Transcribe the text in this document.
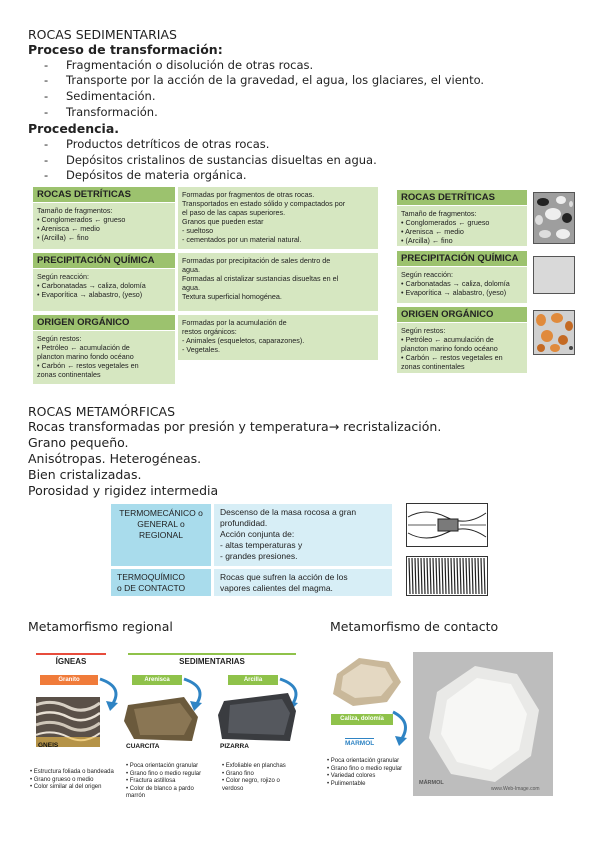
ROCAS SEDIMENTARIAS
Proceso de transformación:
- Fragmentación o disolución de otras rocas.
- Transporte por la acción de la gravedad, el agua, los glaciares, el viento.
- Sedimentación.
- Transformación.
Procedencia.
- Productos detríticos de otras rocas.
- Depósitos cristalinos de sustancias disueltas en agua.
- Depósitos de materia orgánica.
ROCAS DETRÍTICAS
Tamaño de fragmentos:
• Conglomerados ← grueso
• Arenisca ← medio
• (Arcilla) ← fino
Formadas por fragmentos de otras rocas.
Transportados en estado sólido y compactados por
el paso de las capas superiores.
Granos que pueden estar
- sueltoso
- cementados por un material natural.
PRECIPITACIÓN QUÍMICA
Según reacción:
• Carbonatadas → caliza, dolomía
• Evaporítica → alabastro, (yeso)
Formadas por precipitación de sales dentro de
agua.
Formadas al cristalizar sustancias disueltas en el
agua.
Textura superficial homogénea.
ORIGEN ORGÁNICO
Según restos:
• Petróleo ← acumulación de
plancton marino fondo océano
• Carbón ← restos vegetales en
zonas continentales
Formadas por la acumulación de
restos orgánicos:
- Animales (esqueletos, caparazones).
- Vegetales.
ROCAS DETRÍTICAS
Tamaño de fragmentos:
• Conglomerados ← grueso
• Arenisca ← medio
• (Arcilla) ← fino
PRECIPITACIÓN QUÍMICA
Según reacción:
• Carbonatadas → caliza, dolomía
• Evaporítica → alabastro, (yeso)
ORIGEN ORGÁNICO
Según restos:
• Petróleo ← acumulación de
plancton marino fondo océano
• Carbón ← restos vegetales en
zonas continentales
ROCAS METAMÓRFICAS
Rocas transformadas por presión y temperatura→ recristalización.
Grano pequeño.
Anisótropas. Heterogéneas.
Bien cristalizadas.
Porosidad y rigidez intermedia
TERMOMECÁNICO o
GENERAL o
REGIONAL
Descenso de la masa rocosa a gran
profundidad.
Acción conjunta de:
- altas temperaturas y
- grandes presiones.
TERMOQUÍMICO
o DE CONTACTO
Rocas que sufren la acción de los
vapores calientes del magma.
Metamorfismo regional
ÍGNEAS	SEDIMENTARIAS
Granito	Arenisca	Arcilla
GNEIS	CUARCITA	PIZARRA
• Estructura foliada o bandeada
• Grano grueso o medio
• Color similar al del origen
• Poca orientación granular
• Grano fino o medio regular
• Fractura astillosa
• Color de blanco a pardo
marrón
• Exfoliable en planchas
• Grano fino
• Color negro, rojizo o
verdoso
Metamorfismo de contacto
Caliza, dolomía
MARMOL
• Poca orientación granular
• Grano fino o medio regular
• Variedad colores
• Pulimentable	MÁRMOL
www.Web-Image.com
